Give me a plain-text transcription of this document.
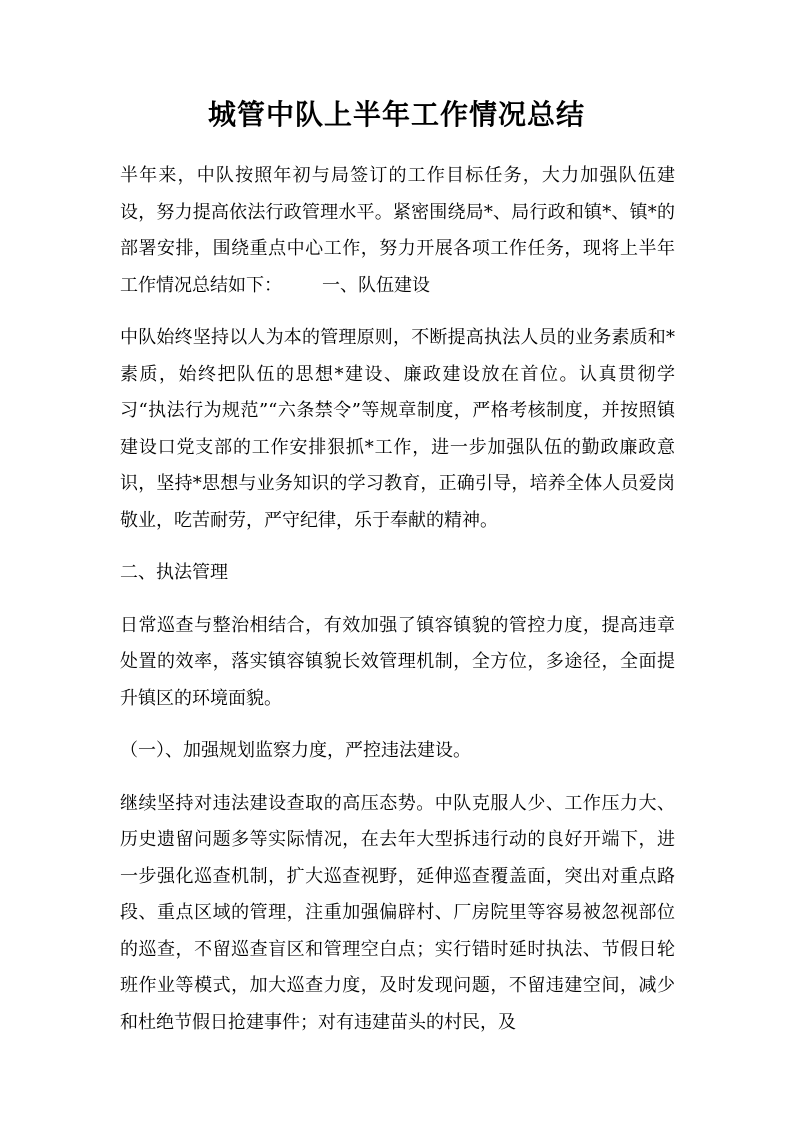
城管中队上半年工作情况总结

半年来，中队按照年初与局签订的工作目标任务，大力加强队伍建设，努力提高依法行政管理水平。紧密围绕局*、局行政和镇*、镇*的部署安排，围绕重点中心工作，努力开展各项工作任务，现将上半年工作情况总结如下： 一、队伍建设

中队始终坚持以人为本的管理原则，不断提高执法人员的业务素质和*素质，始终把队伍的思想*建设、廉政建设放在首位。认真贯彻学习“执法行为规范”“六条禁令”等规章制度，严格考核制度，并按照镇建设口党支部的工作安排狠抓*工作，进一步加强队伍的勤政廉政意识，坚持*思想与业务知识的学习教育，正确引导，培养全体人员爱岗敬业，吃苦耐劳，严守纪律，乐于奉献的精神。

二、执法管理

日常巡查与整治相结合，有效加强了镇容镇貌的管控力度，提高违章处置的效率，落实镇容镇貌长效管理机制，全方位，多途径，全面提升镇区的环境面貌。

（一）、加强规划监察力度，严控违法建设。

继续坚持对违法建设查取的高压态势。中队克服人少、工作压力大、历史遗留问题多等实际情况，在去年大型拆违行动的良好开端下，进一步强化巡查机制，扩大巡查视野，延伸巡查覆盖面，突出对重点路段、重点区域的管理，注重加强偏辟村、厂房院里等容易被忽视部位的巡查，不留巡查盲区和管理空白点；实行错时延时执法、节假日轮班作业等模式，加大巡查力度，及时发现问题，不留违建空间，减少和杜绝节假日抢建事件；对有违建苗头的村民，及
